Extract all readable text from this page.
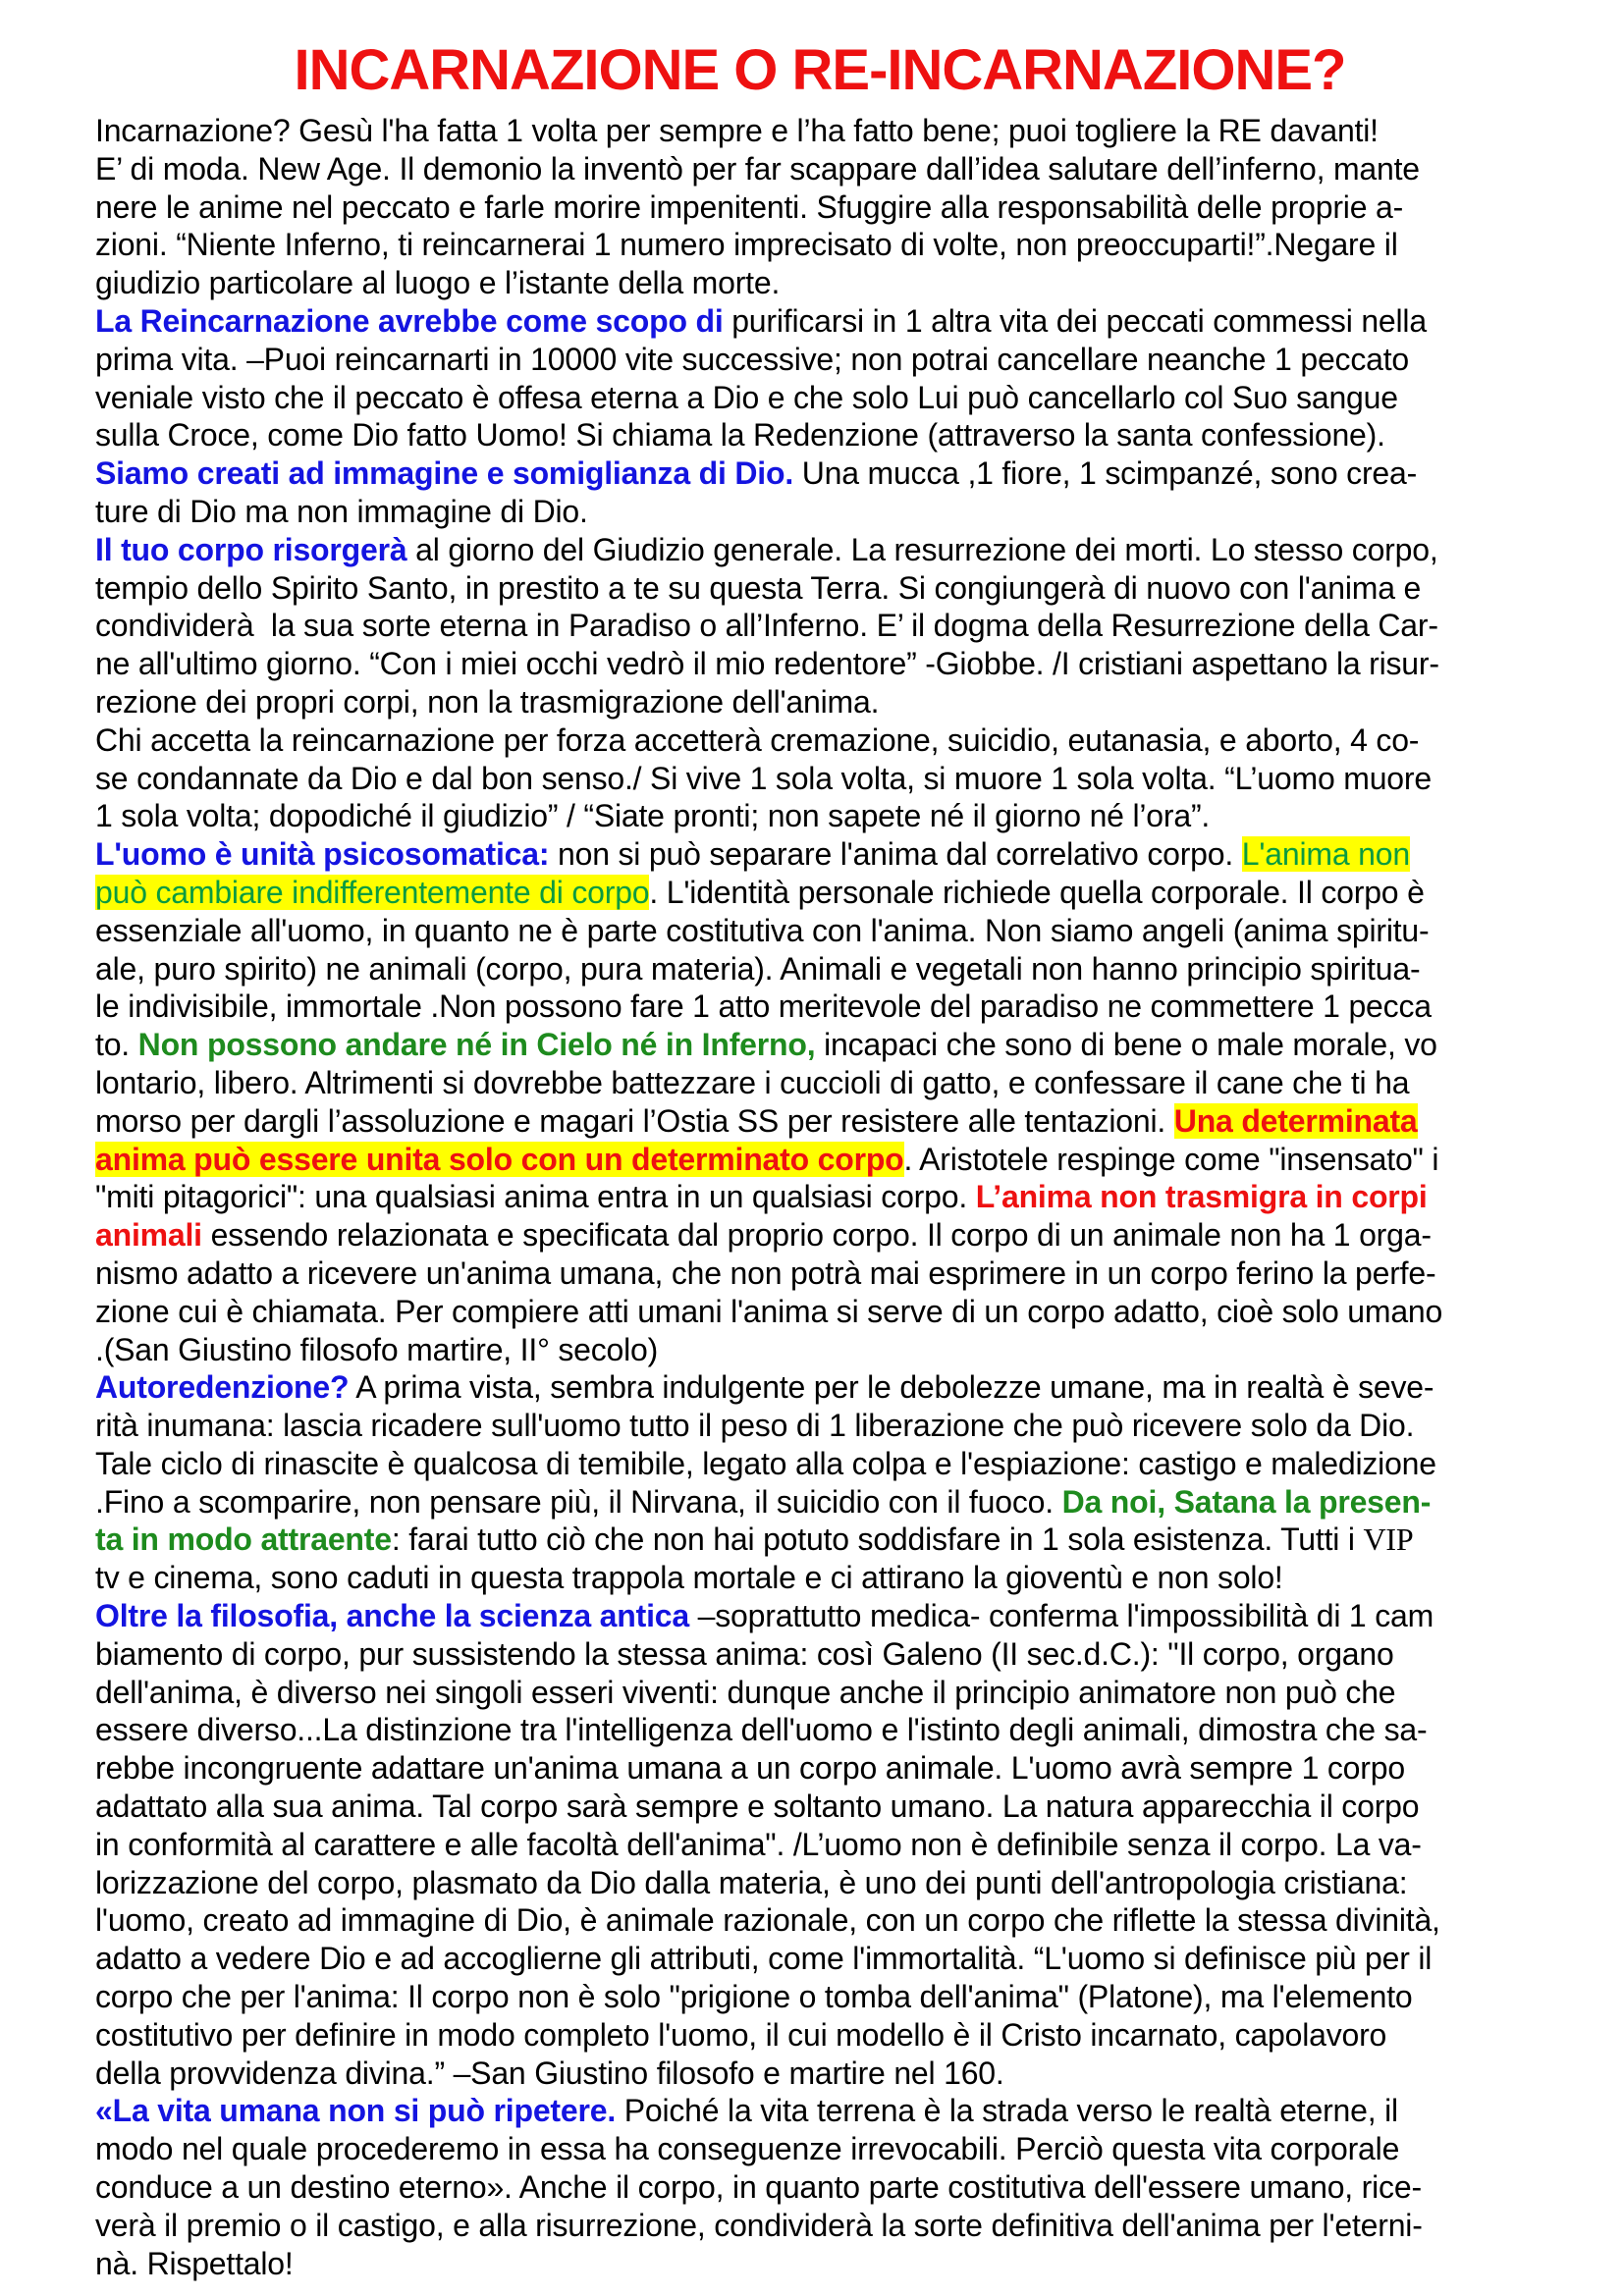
INCARNAZIONE O RE-INCARNAZIONE?
Incarnazione? Gesù l'ha fatta 1 volta per sempre e l’ha fatto bene; puoi togliere la RE davanti!
E’ di moda. New Age. Il demonio la inventò per far scappare dall’idea salutare dell’inferno, mante
nere le anime nel peccato e farle morire impenitenti. Sfuggire alla responsabilità delle proprie a-
zioni. “Niente Inferno, ti reincarnerai 1 numero imprecisato di volte, non preoccuparti!”.Negare il
giudizio particolare al luogo e l’istante della morte.
La Reincarnazione avrebbe come scopo di purificarsi in 1 altra vita dei peccati commessi nella
prima vita. –Puoi reincarnarti in 10000 vite successive; non potrai cancellare neanche 1 peccato
veniale visto che il peccato è offesa eterna a Dio e che solo Lui può cancellarlo col Suo sangue
sulla Croce, come Dio fatto Uomo! Si chiama la Redenzione (attraverso la santa confessione).
Siamo creati ad immagine e somiglianza di Dio. Una mucca ,1 fiore, 1 scimpanzé, sono crea-
ture di Dio ma non immagine di Dio.
Il tuo corpo risorgerà al giorno del Giudizio generale. La resurrezione dei morti. Lo stesso corpo,
tempio dello Spirito Santo, in prestito a te su questa Terra. Si congiungerà di nuovo con l'anima e
condividerà  la sua sorte eterna in Paradiso o all’Inferno. E’ il dogma della Resurrezione della Car-
ne all'ultimo giorno. “Con i miei occhi vedrò il mio redentore” -Giobbe. /I cristiani aspettano la risur-
rezione dei propri corpi, non la trasmigrazione dell'anima.
Chi accetta la reincarnazione per forza accetterà cremazione, suicidio, eutanasia, e aborto, 4 co-
se condannate da Dio e dal bon senso./ Si vive 1 sola volta, si muore 1 sola volta. “L’uomo muore
1 sola volta; dopodiché il giudizio” / “Siate pronti; non sapete né il giorno né l’ora”.
L'uomo è unità psicosomatica: non si può separare l'anima dal correlativo corpo. L'anima non
può cambiare indifferentemente di corpo. L'identità personale richiede quella corporale. Il corpo è
essenziale all'uomo, in quanto ne è parte costitutiva con l'anima. Non siamo angeli (anima spiritu-
ale, puro spirito) ne animali (corpo, pura materia). Animali e vegetali non hanno principio spiritua-
le indivisibile, immortale .Non possono fare 1 atto meritevole del paradiso ne commettere 1 pecca
to. Non possono andare né in Cielo né in Inferno, incapaci che sono di bene o male morale, vo
lontario, libero. Altrimenti si dovrebbe battezzare i cuccioli di gatto, e confessare il cane che ti ha
morso per dargli l’assoluzione e magari l’Ostia SS per resistere alle tentazioni. Una determinata
anima può essere unita solo con un determinato corpo. Aristotele respinge come "insensato" i
"miti pitagorici": una qualsiasi anima entra in un qualsiasi corpo. L’anima non trasmigra in corpi
animali essendo relazionata e specificata dal proprio corpo. Il corpo di un animale non ha 1 orga-
nismo adatto a ricevere un'anima umana, che non potrà mai esprimere in un corpo ferino la perfe-
zione cui è chiamata. Per compiere atti umani l'anima si serve di un corpo adatto, cioè solo umano
.(San Giustino filosofo martire, II° secolo)
Autoredenzione? A prima vista, sembra indulgente per le debolezze umane, ma in realtà è seve-
rità inumana: lascia ricadere sull'uomo tutto il peso di 1 liberazione che può ricevere solo da Dio.
Tale ciclo di rinascite è qualcosa di temibile, legato alla colpa e l'espiazione: castigo e maledizione
.Fino a scomparire, non pensare più, il Nirvana, il suicidio con il fuoco. Da noi, Satana la presen-
ta in modo attraente: farai tutto ciò che non hai potuto soddisfare in 1 sola esistenza. Tutti i VIP
tv e cinema, sono caduti in questa trappola mortale e ci attirano la gioventù e non solo!
Oltre la filosofia, anche la scienza antica –soprattutto medica- conferma l'impossibilità di 1 cam
biamento di corpo, pur sussistendo la stessa anima: così Galeno (II sec.d.C.): "Il corpo, organo
dell'anima, è diverso nei singoli esseri viventi: dunque anche il principio animatore non può che
essere diverso...La distinzione tra l'intelligenza dell'uomo e l'istinto degli animali, dimostra che sa-
rebbe incongruente adattare un'anima umana a un corpo animale. L'uomo avrà sempre 1 corpo
adattato alla sua anima. Tal corpo sarà sempre e soltanto umano. La natura apparecchia il corpo
in conformità al carattere e alle facoltà dell'anima". /L’uomo non è definibile senza il corpo. La va-
lorizzazione del corpo, plasmato da Dio dalla materia, è uno dei punti dell'antropologia cristiana:
l'uomo, creato ad immagine di Dio, è animale razionale, con un corpo che riflette la stessa divinità,
adatto a vedere Dio e ad accoglierne gli attributi, come l'immortalità. “L'uomo si definisce più per il
corpo che per l'anima: Il corpo non è solo "prigione o tomba dell'anima" (Platone), ma l'elemento
costitutivo per definire in modo completo l'uomo, il cui modello è il Cristo incarnato, capolavoro
della provvidenza divina.” –San Giustino filosofo e martire nel 160.
«La vita umana non si può ripetere. Poiché la vita terrena è la strada verso le realtà eterne, il
modo nel quale procederemo in essa ha conseguenze irrevocabili. Perciò questa vita corporale
conduce a un destino eterno». Anche il corpo, in quanto parte costitutiva dell'essere umano, rice-
verà il premio o il castigo, e alla risurrezione, condividerà la sorte definitiva dell'anima per l'eterni-
nà. Rispettalo!
